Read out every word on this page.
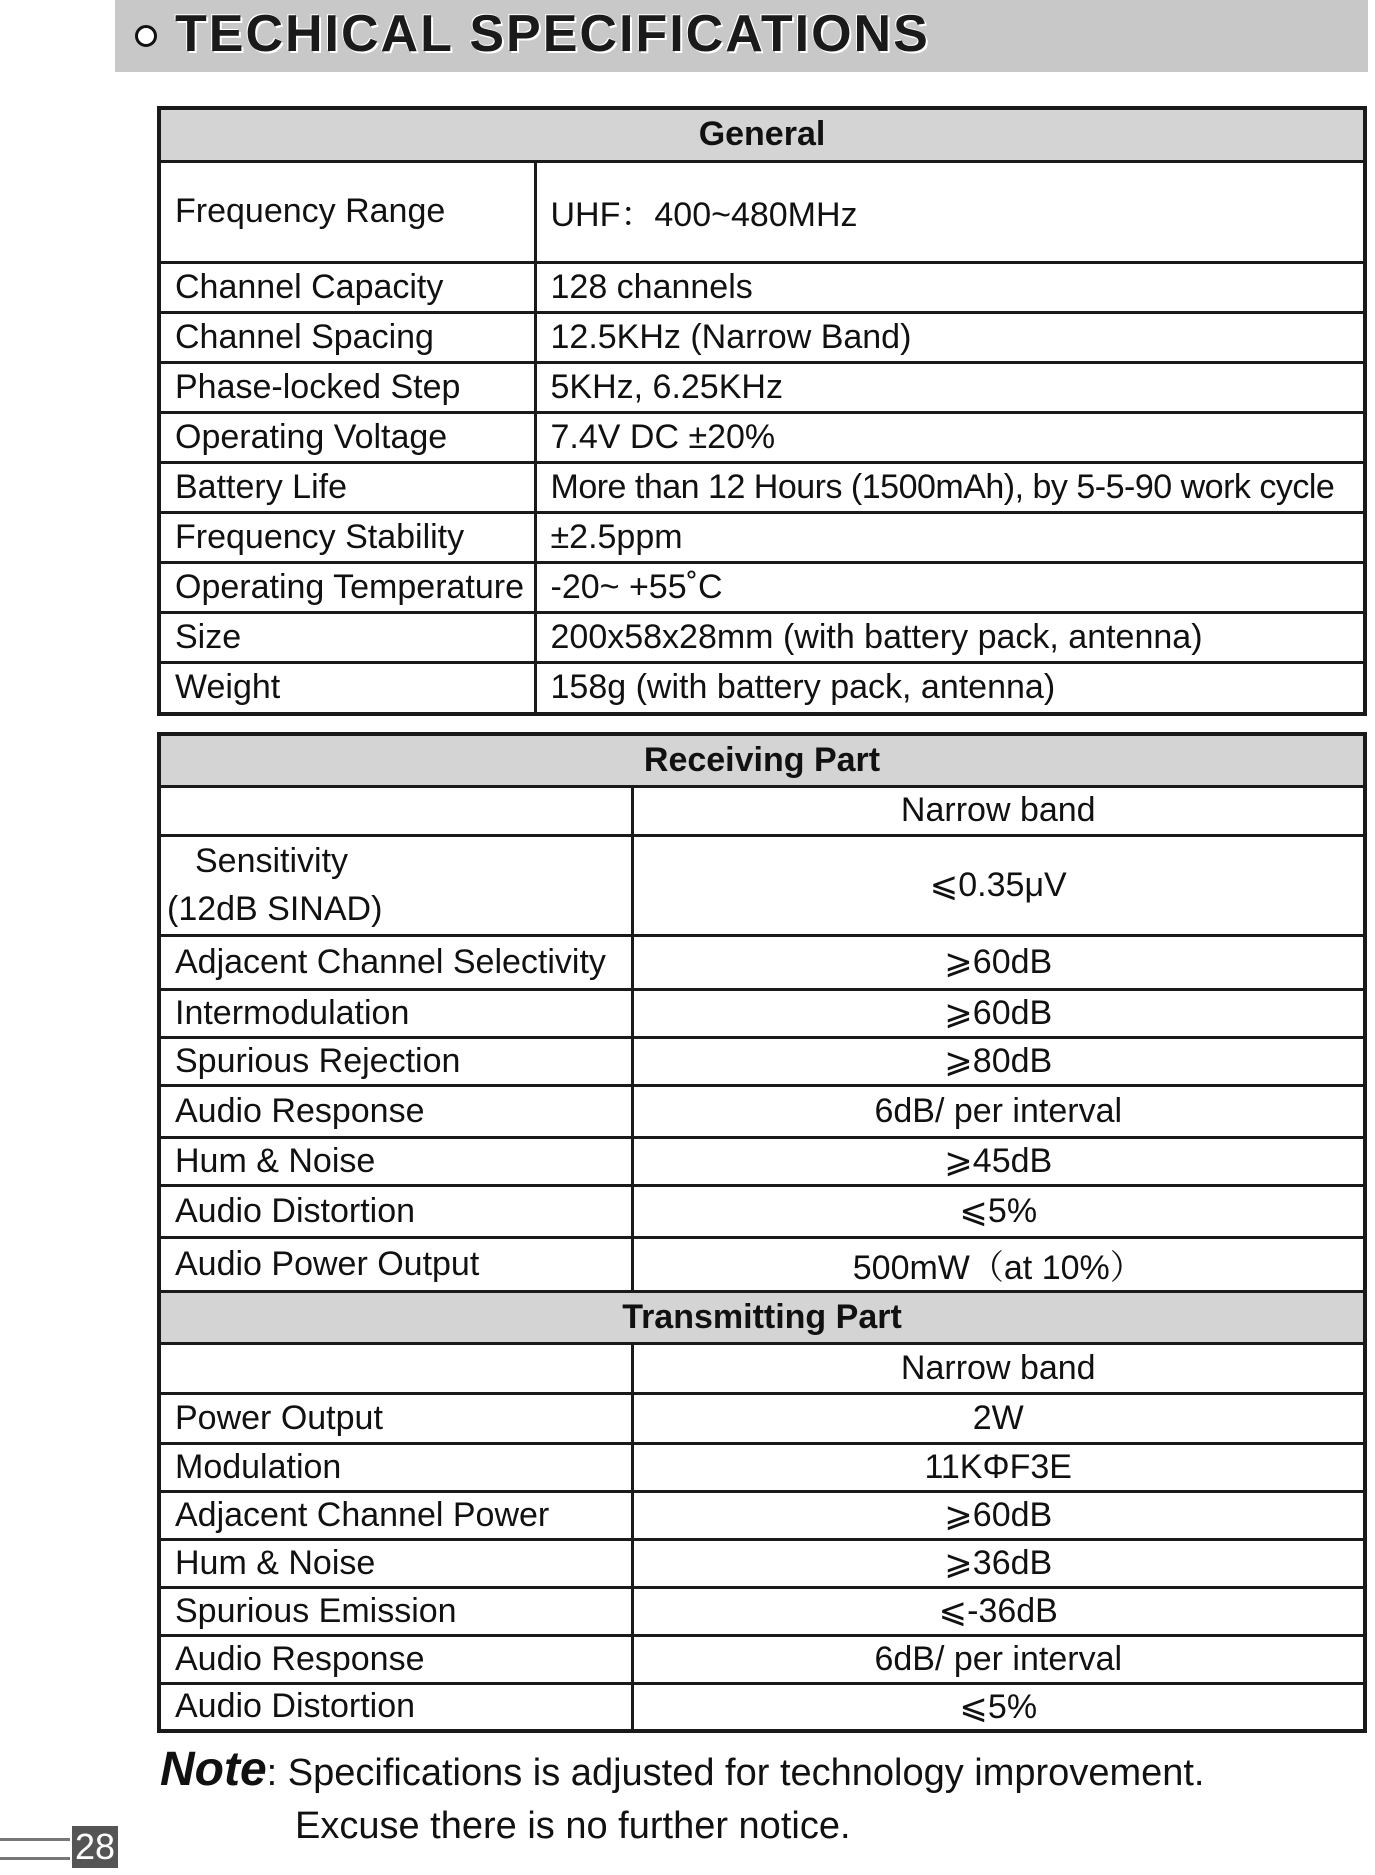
TECHICAL SPECIFICATIONS
General	
Frequency Range	UHF：400~480MHz
Channel Capacity	128 channels
Channel Spacing	12.5KHz (Narrow Band)
Phase-locked Step	5KHz, 6.25KHz
Operating Voltage	7.4V DC ±20%
Battery Life	More than 12 Hours (1500mAh), by 5-5-90 work cycle
Frequency Stability	±2.5ppm
Operating Temperature	-20~ +55˚C
Size	200x58x28mm (with battery pack, antenna)
Weight	158g (with battery pack, antenna)
Receiving Part	
	Narrow band

Sensitivity
(12dB SINAD)	⩽0.35μV
Adjacent Channel Selectivity	⩾60dB
Intermodulation	⩾60dB
Spurious Rejection	⩾80dB
Audio Response	6dB/ per interval
Hum & Noise	⩾45dB
Audio Distortion	⩽5%
Audio Power Output	500mW（at 10%）
Transmitting Part	
	Narrow band
Power Output	2W
Modulation	11KΦF3E
Adjacent Channel Power	⩾60dB
Hum & Noise	⩾36dB
Spurious Emission	⩽-36dB
Audio Response	6dB/ per interval
Audio Distortion	⩽5%
Note: Specifications is adjusted for technology improvement.
Excuse there is no further notice.
28
